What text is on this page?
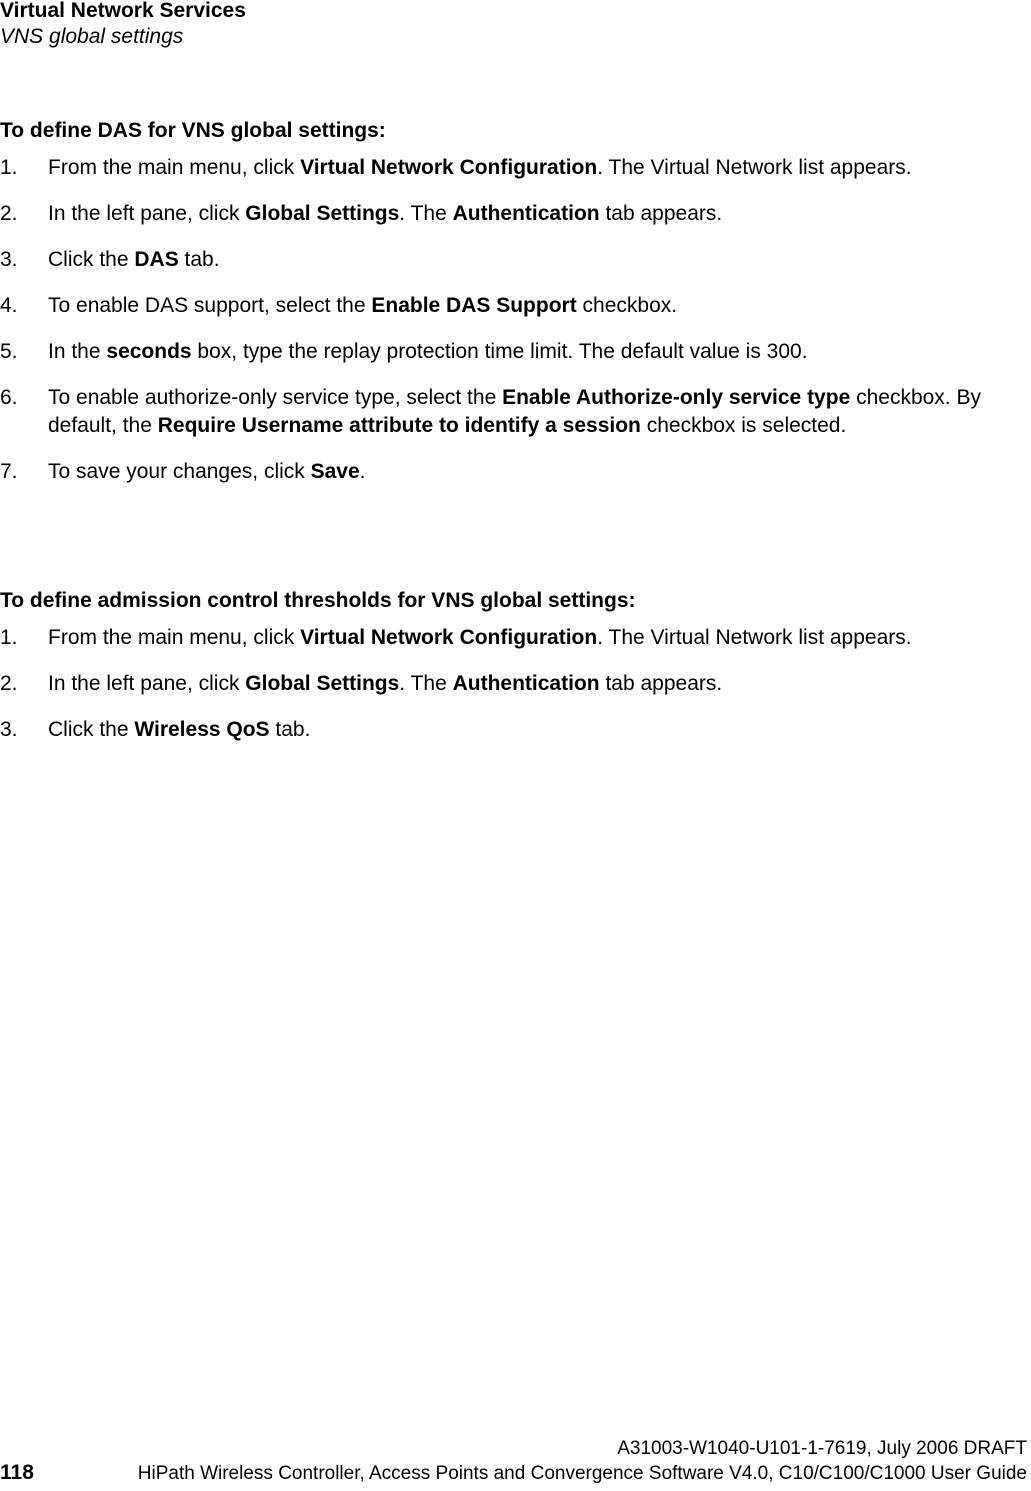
Virtual Network Services
VNS global settings
To define DAS for VNS global settings:
1. From the main menu, click Virtual Network Configuration. The Virtual Network list appears.
2. In the left pane, click Global Settings. The Authentication tab appears.
3. Click the DAS tab.
4. To enable DAS support, select the Enable DAS Support checkbox.
5. In the seconds box, type the replay protection time limit. The default value is 300.
6. To enable authorize-only service type, select the Enable Authorize-only service type checkbox. By default, the Require Username attribute to identify a session checkbox is selected.
7. To save your changes, click Save.
To define admission control thresholds for VNS global settings:
1. From the main menu, click Virtual Network Configuration. The Virtual Network list appears.
2. In the left pane, click Global Settings. The Authentication tab appears.
3. Click the Wireless QoS tab.
A31003-W1040-U101-1-7619, July 2006 DRAFT
118	HiPath Wireless Controller, Access Points and Convergence Software V4.0, C10/C100/C1000 User Guide
